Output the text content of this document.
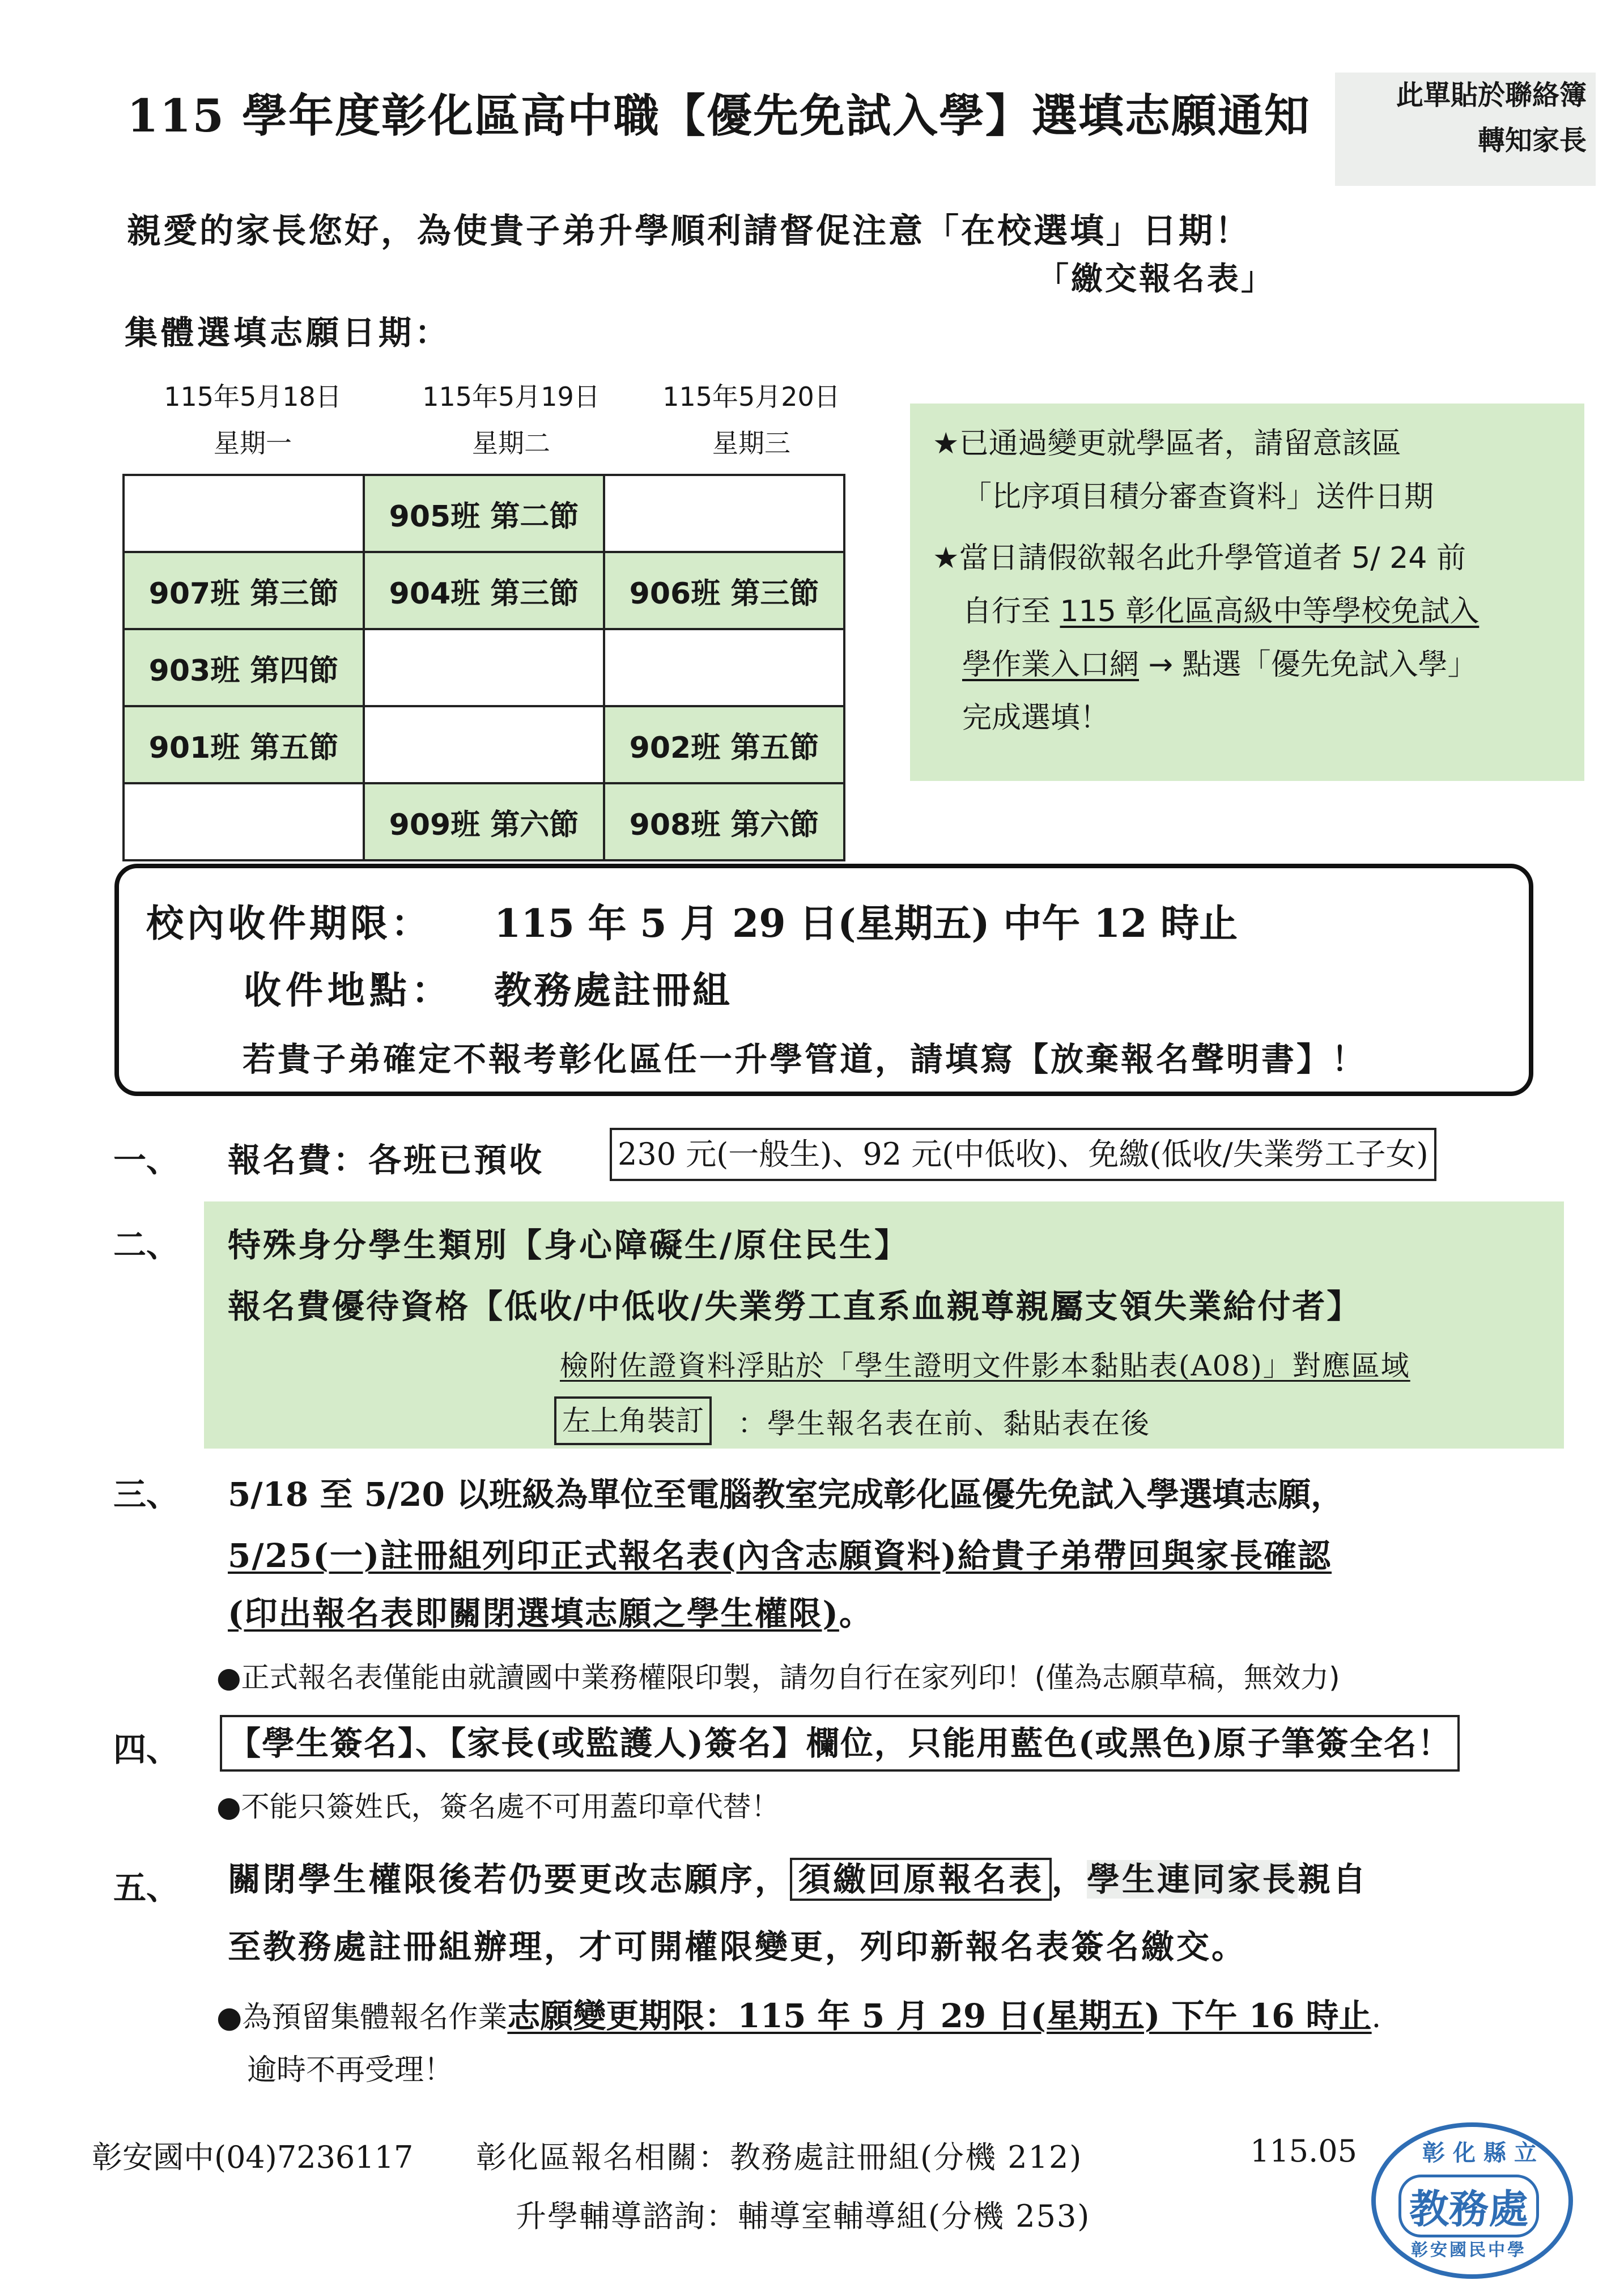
115 學年度彰化區高中職【優先免試入學】選填志願通知	此單貼於聯絡簿
轉知家長
親愛的家長您好，為使貴子弟升學順利請督促注意「在校選填」日期！
「繳交報名表」
集體選填志願日期：
115年5月18日
星期一
115年5月19日
星期二
115年5月20日
星期三
	905班 第二節	
907班 第三節	904班 第三節	906班 第三節
903班 第四節		
901班 第五節		902班 第五節
	909班 第六節	908班 第六節
★已通過變更就學區者，請留意該區
「比序項目積分審查資料」送件日期
★當日請假欲報名此升學管道者 5/ 24 前
自行至 115 彰化區高級中等學校免試入
學作業入口網 → 點選「優先免試入學」
完成選填！
校內收件期限： 115 年 5 月 29 日(星期五) 中午 12 時止
收件地點： 教務處註冊組
若貴子弟確定不報考彰化區任一升學管道，請填寫【放棄報名聲明書】！
一、 報名費：各班已預收 230 元(一般生)、92 元(中低收)、免繳(低收/失業勞工子女)
二、 特殊身分學生類別【身心障礙生/原住民生】
報名費優待資格【低收/中低收/失業勞工直系血親尊親屬支領失業給付者】
檢附佐證資料浮貼於「學生證明文件影本黏貼表(A08)」對應區域
左上角裝訂 ：學生報名表在前、黏貼表在後
三、 5/18 至 5/20 以班級為單位至電腦教室完成彰化區優先免試入學選填志願，
5/25(一)註冊組列印正式報名表(內含志願資料)給貴子弟帶回與家長確認
(印出報名表即關閉選填志願之學生權限)。
●正式報名表僅能由就讀國中業務權限印製，請勿自行在家列印！(僅為志願草稿，無效力)
四、 【學生簽名】、【家長(或監護人)簽名】欄位，只能用藍色(或黑色)原子筆簽全名！
●不能只簽姓氏，簽名處不可用蓋印章代替！
五、 關閉學生權限後若仍要更改志願序， 須繳回原報名表 ，學生連同家長親自
至教務處註冊組辦理，才可開權限變更，列印新報名表簽名繳交。
●為預留集體報名作業志願變更期限：115 年 5 月 29 日(星期五) 下午 16 時止.
逾時不再受理！
彰安國中(04)7236117 彰化區報名相關：教務處註冊組(分機 212)	115.05
升學輔導諮詢：輔導室輔導組(分機 253)
彰化縣立
教務處
彰安國民中學
